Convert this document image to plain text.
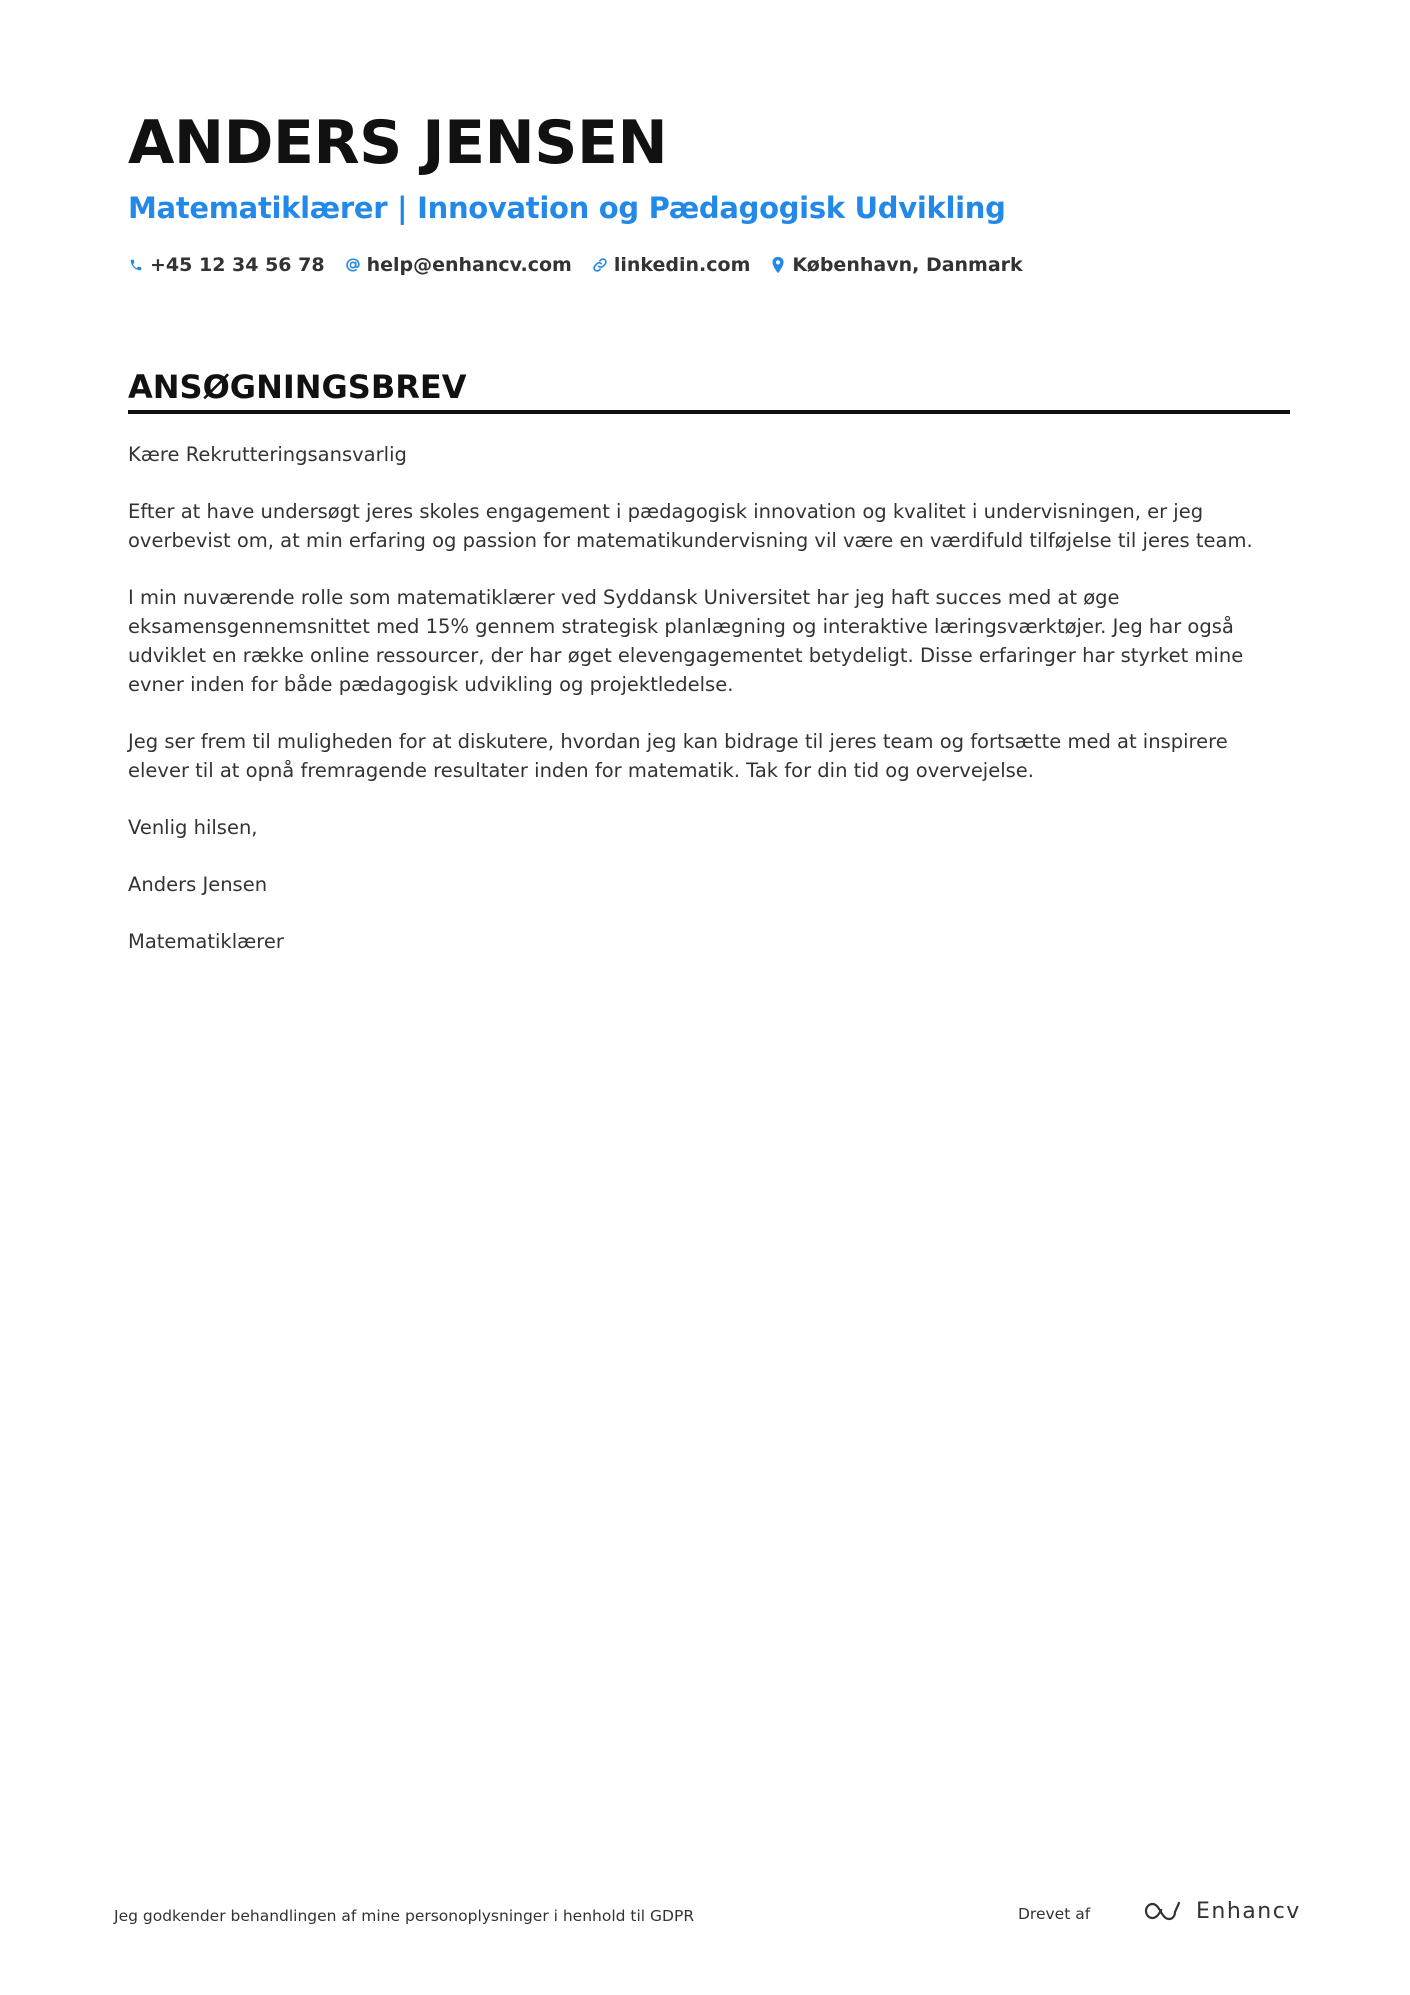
ANDERS JENSEN
Matematiklærer | Innovation og Pædagogisk Udvikling
+45 12 34 56 78 help@enhancv.com linkedin.com København, Danmark
ANSØGNINGSBREV

Kære Rekrutteringsansvarlig

Efter at have undersøgt jeres skoles engagement i pædagogisk innovation og kvalitet i undervisningen, er jeg overbevist om, at min erfaring og passion for matematikundervisning vil være en værdifuld tilføjelse til jeres team.

I min nuværende rolle som matematiklærer ved Syddansk Universitet har jeg haft succes med at øge eksamensgennemsnittet med 15% gennem strategisk planlægning og interaktive læringsværktøjer. Jeg har også udviklet en række online ressourcer, der har øget elevengagementet betydeligt. Disse erfaringer har styrket mine evner inden for både pædagogisk udvikling og projektledelse.

Jeg ser frem til muligheden for at diskutere, hvordan jeg kan bidrage til jeres team og fortsætte med at inspirere elever til at opnå fremragende resultater inden for matematik. Tak for din tid og overvejelse.

Venlig hilsen,

Anders Jensen

Matematiklærer

Jeg godkender behandlingen af mine personoplysninger i henhold til GDPR	Drevet af	Enhancv
